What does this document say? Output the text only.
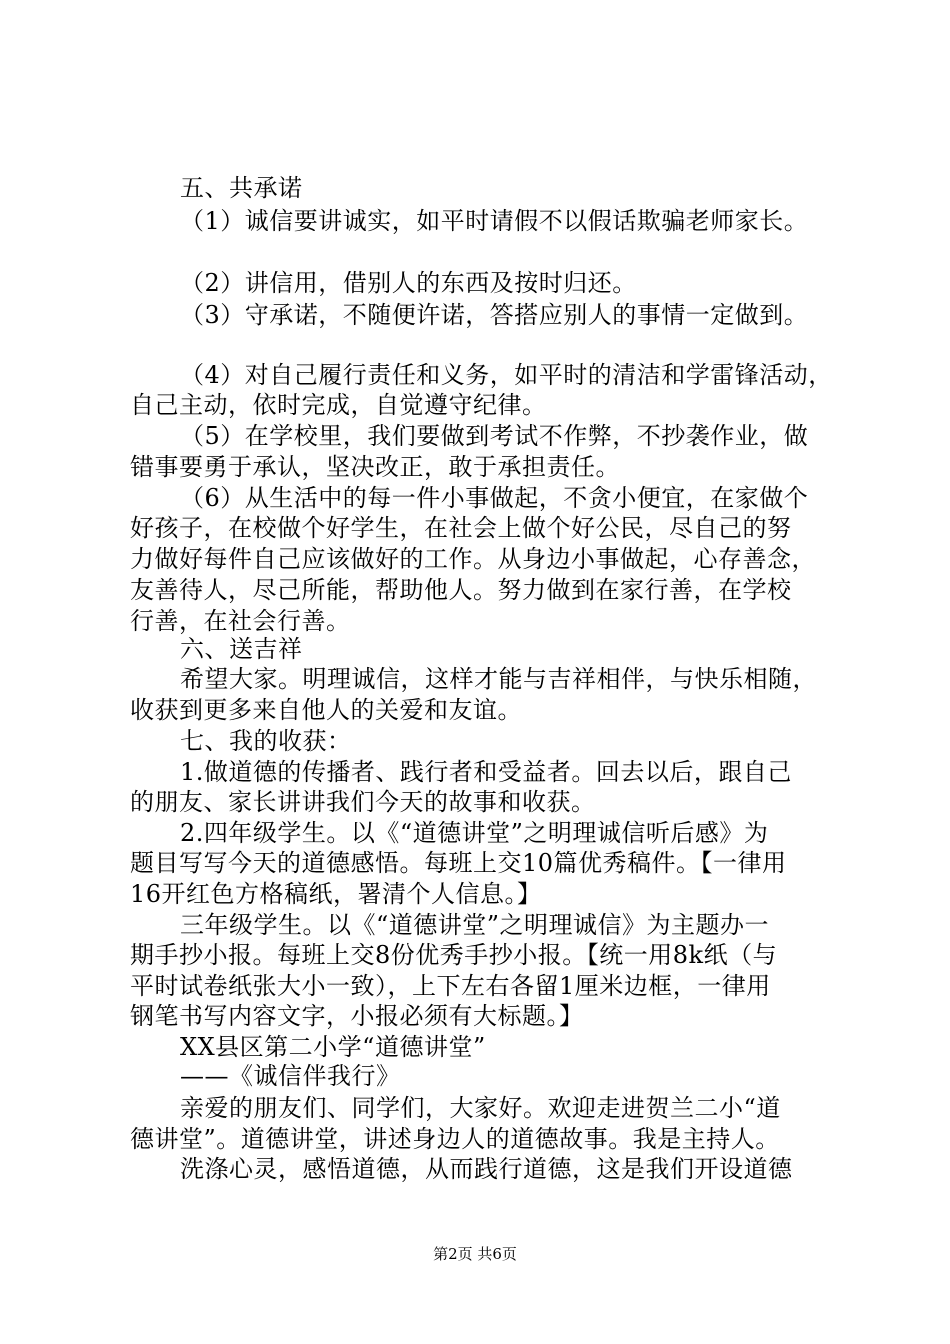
五、共承诺
（1）诚信要讲诚实，如平时请假不以假话欺骗老师家长。
（2）讲信用，借别人的东西及按时归还。
（3）守承诺，不随便许诺，答搭应别人的事情一定做到。
（4）对自己履行责任和义务，如平时的清洁和学雷锋活动，
自己主动，依时完成，自觉遵守纪律。
（5）在学校里，我们要做到考试不作弊，不抄袭作业，做
错事要勇于承认，坚决改正，敢于承担责任。
（6）从生活中的每一件小事做起，不贪小便宜，在家做个
好孩子，在校做个好学生，在社会上做个好公民，尽自己的努
力做好每件自己应该做好的工作。从身边小事做起，心存善念，
友善待人，尽己所能，帮助他人。努力做到在家行善，在学校
行善，在社会行善。
六、送吉祥
希望大家。明理诚信，这样才能与吉祥相伴，与快乐相随，
收获到更多来自他人的关爱和友谊。
七、我的收获：
1.做道德的传播者、践行者和受益者。回去以后，跟自己
的朋友、家长讲讲我们今天的故事和收获。
2.四年级学生。以《“道德讲堂”之明理诚信听后感》为
题目写写今天的道德感悟。每班上交10篇优秀稿件。【一律用
16开红色方格稿纸，署清个人信息。】
三年级学生。以《“道德讲堂”之明理诚信》为主题办一
期手抄小报。每班上交8份优秀手抄小报。【统一用8k纸（与
平时试卷纸张大小一致），上下左右各留1厘米边框，一律用
钢笔书写内容文字，小报必须有大标题。】
XX县区第二小学“道德讲堂”
——《诚信伴我行》
亲爱的朋友们、同学们，大家好。欢迎走进贺兰二小“道
德讲堂”。道德讲堂，讲述身边人的道德故事。我是主持人。
洗涤心灵，感悟道德，从而践行道德，这是我们开设道德
第2页 共6页
